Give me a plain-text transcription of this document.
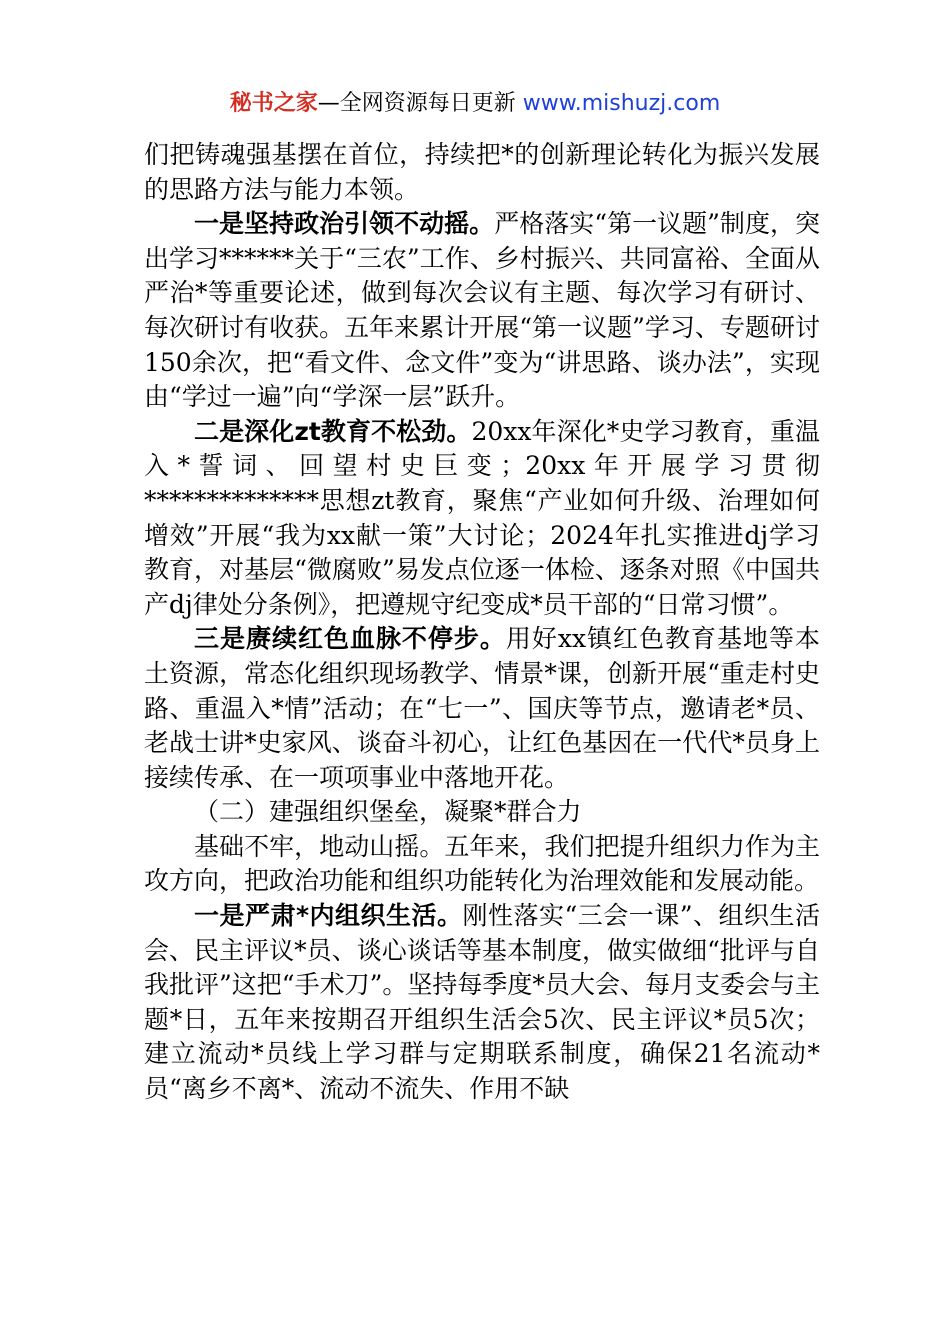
秘书之家—全网资源每日更新 www.mishuzj.com

们把铸魂强基摆在首位，持续把*的创新理论转化为振兴发展的思路方法与能力本领。

一是坚持政治引领不动摇。严格落实“第一议题”制度，突出学习******关于“三农”工作、乡村振兴、共同富裕、全面从严治*等重要论述，做到每次会议有主题、每次学习有研讨、每次研讨有收获。五年来累计开展“第一议题”学习、专题研讨150余次，把“看文件、念文件”变为“讲思路、谈办法”，实现由“学过一遍”向“学深一层”跃升。

二是深化zt教育不松劲。20xx年深化*史学习教育，重温入*誓词、回望村史巨变；20xx年开展学习贯彻**************思想zt教育，聚焦“产业如何升级、治理如何增效”开展“我为xx献一策”大讨论；2024年扎实推进dj学习教育，对基层“微腐败”易发点位逐一体检、逐条对照《中国共产dj律处分条例》，把遵规守纪变成*员干部的“日常习惯”。

三是赓续红色血脉不停步。用好xx镇红色教育基地等本土资源，常态化组织现场教学、情景*课，创新开展“重走村史路、重温入*情”活动；在“七一”、国庆等节点，邀请老*员、老战士讲*史家风、谈奋斗初心，让红色基因在一代代*员身上接续传承、在一项项事业中落地开花。

（二）建强组织堡垒，凝聚*群合力

基础不牢，地动山摇。五年来，我们把提升组织力作为主攻方向，把政治功能和组织功能转化为治理效能和发展动能。

一是严肃*内组织生活。刚性落实“三会一课”、组织生活会、民主评议*员、谈心谈话等基本制度，做实做细“批评与自我批评”这把“手术刀”。坚持每季度*员大会、每月支委会与主题*日，五年来按期召开组织生活会5次、民主评议*员5次；建立流动*员线上学习群与定期联系制度，确保21名流动*员“离乡不离*、流动不流失、作用不缺
